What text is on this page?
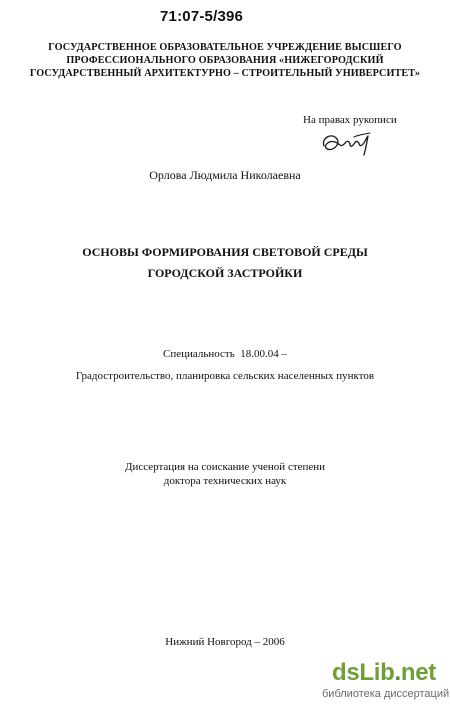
71:07-5/396
ГОСУДАРСТВЕННОЕ ОБРАЗОВАТЕЛЬНОЕ УЧРЕЖДЕНИЕ ВЫСШЕГО
ПРОФЕССИОНАЛЬНОГО ОБРАЗОВАНИЯ «НИЖЕГОРОДСКИЙ
ГОСУДАРСТВЕННЫЙ АРХИТЕКТУРНО – СТРОИТЕЛЬНЫЙ УНИВЕРСИТЕТ»
На правах рукописи
Орлова Людмила Николаевна
ОСНОВЫ ФОРМИРОВАНИЯ СВЕТОВОЙ СРЕДЫ
ГОРОДСКОЙ ЗАСТРОЙКИ
Специальность  18.00.04 –
Градостроительство, планировка сельских населенных пунктов
Диссертация на соискание ученой степени
доктора технических наук
Нижний Новгород – 2006
dsLib.net
библиотека диссертаций
